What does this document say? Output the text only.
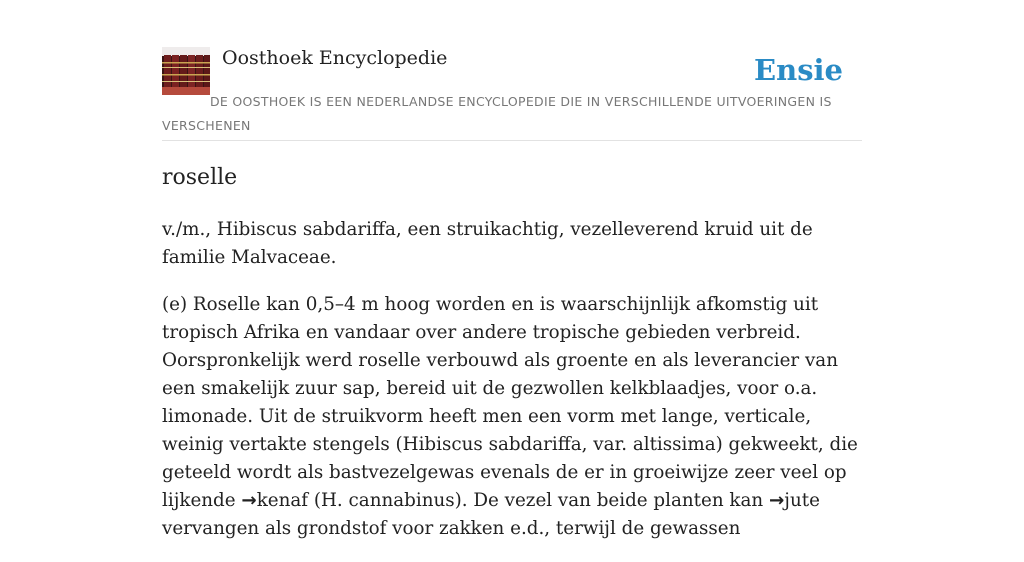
Oosthoek Encyclopedie	Ensie
DE OOSTHOEK IS EEN NEDERLANDSE ENCYCLOPEDIE DIE IN VERSCHILLENDE UITVOERINGEN IS VERSCHENEN
roselle

v./m., Hibiscus sabdariffa, een struikachtig, vezelleverend kruid uit de familie Malvaceae.

(e) Roselle kan 0,5–4 m hoog worden en is waarschijnlijk afkomstig uit tropisch Afrika en vandaar over andere tropische gebieden verbreid. Oorspronkelijk werd roselle verbouwd als groente en als leverancier van een smakelijk zuur sap, bereid uit de gezwollen kelkblaadjes, voor o.a. limonade. Uit de struikvorm heeft men een vorm met lange, verticale, weinig vertakte stengels (Hibiscus sabdariffa, var. altissima) gekweekt, die geteeld wordt als bastvezelgewas evenals de er in groeiwijze zeer veel op lijkende →kenaf (H. cannabinus). De vezel van beide planten kan →jute vervangen als grondstof voor zakken e.d., terwijl de gewassen
